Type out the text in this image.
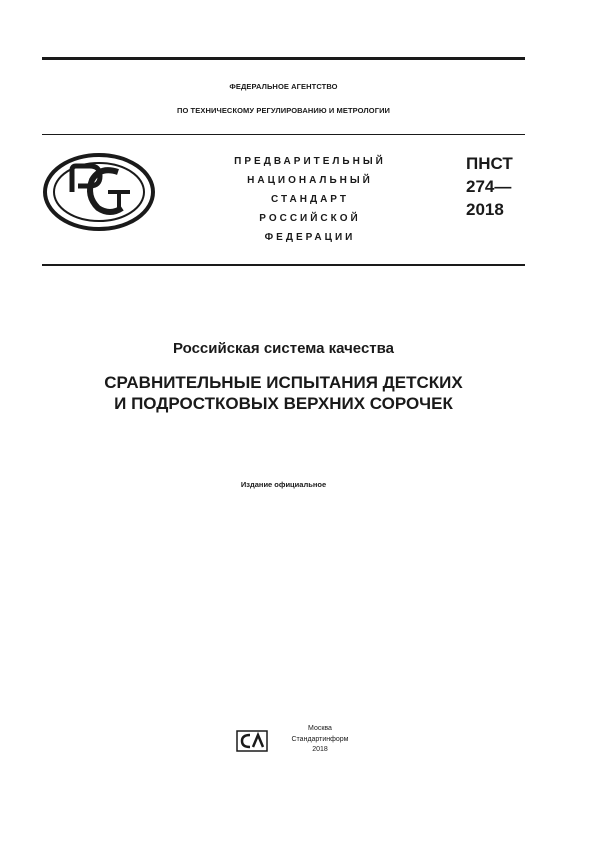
ФЕДЕРАЛЬНОЕ АГЕНТСТВО
ПО ТЕХНИЧЕСКОМУ РЕГУЛИРОВАНИЮ И МЕТРОЛОГИИ
ПРЕДВАРИТЕЛЬНЫЙ
НАЦИОНАЛЬНЫЙ
СТАНДАРТ
РОССИЙСКОЙ
ФЕДЕРАЦИИ
ПНСТ
274—
2018
Российская система качества
СРАВНИТЕЛЬНЫЕ ИСПЫТАНИЯ ДЕТСКИХ
И ПОДРОСТКОВЫХ ВЕРХНИХ СОРОЧЕК
Издание официальное
Москва
Стандартинформ
2018
